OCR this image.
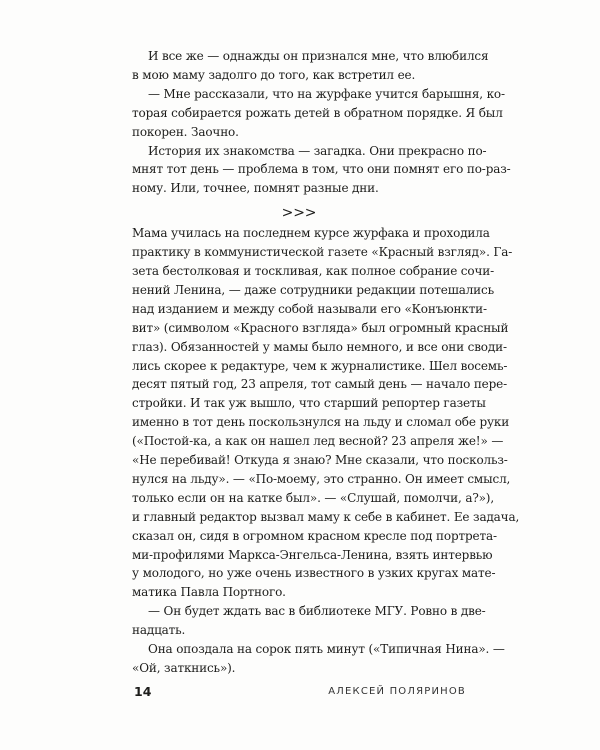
И все же — однажды он признался мне, что влюбился
в мою маму задолго до того, как встретил ее.
— Мне рассказали, что на журфаке учится барышня, ко-
торая собирается рожать детей в обратном порядке. Я был
покорен. Заочно.
История их знакомства — загадка. Они прекрасно по-
мнят тот день — проблема в том, что они помнят его по-раз-
ному. Или, точнее, помнят разные дни.
>>>
Мама училась на последнем курсе журфака и проходила
практику в коммунистической газете «Красный взгляд». Га-
зета бестолковая и тоскливая, как полное собрание сочи-
нений Ленина, — даже сотрудники редакции потешались
над изданием и между собой называли его «Конъюнкти-
вит» (символом «Красного взгляда» был огромный красный
глаз). Обязанностей у мамы было немного, и все они своди-
лись скорее к редактуре, чем к журналистике. Шел восемь-
десят пятый год, 23 апреля, тот самый день — начало пере-
стройки. И так уж вышло, что старший репортер газеты
именно в тот день поскользнулся на льду и сломал обе руки
(«Постой-ка, а как он нашел лед весной? 23 апреля же!» —
«Не перебивай! Откуда я знаю? Мне сказали, что поскольз-
нулся на льду». — «По-моему, это странно. Он имеет смысл,
только если он на катке был». — «Слушай, помолчи, а?»),
и главный редактор вызвал маму к себе в кабинет. Ее задача,
сказал он, сидя в огромном красном кресле под портрета-
ми-профилями Маркса-Энгельса-Ленина, взять интервью
у молодого, но уже очень известного в узких кругах мате-
матика Павла Портного.
— Он будет ждать вас в библиотеке МГУ. Ровно в две-
надцать.
Она опоздала на сорок пять минут («Типичная Нина». —
«Ой, заткнись»).
14	АЛЕКСЕЙ ПОЛЯРИНОВ
